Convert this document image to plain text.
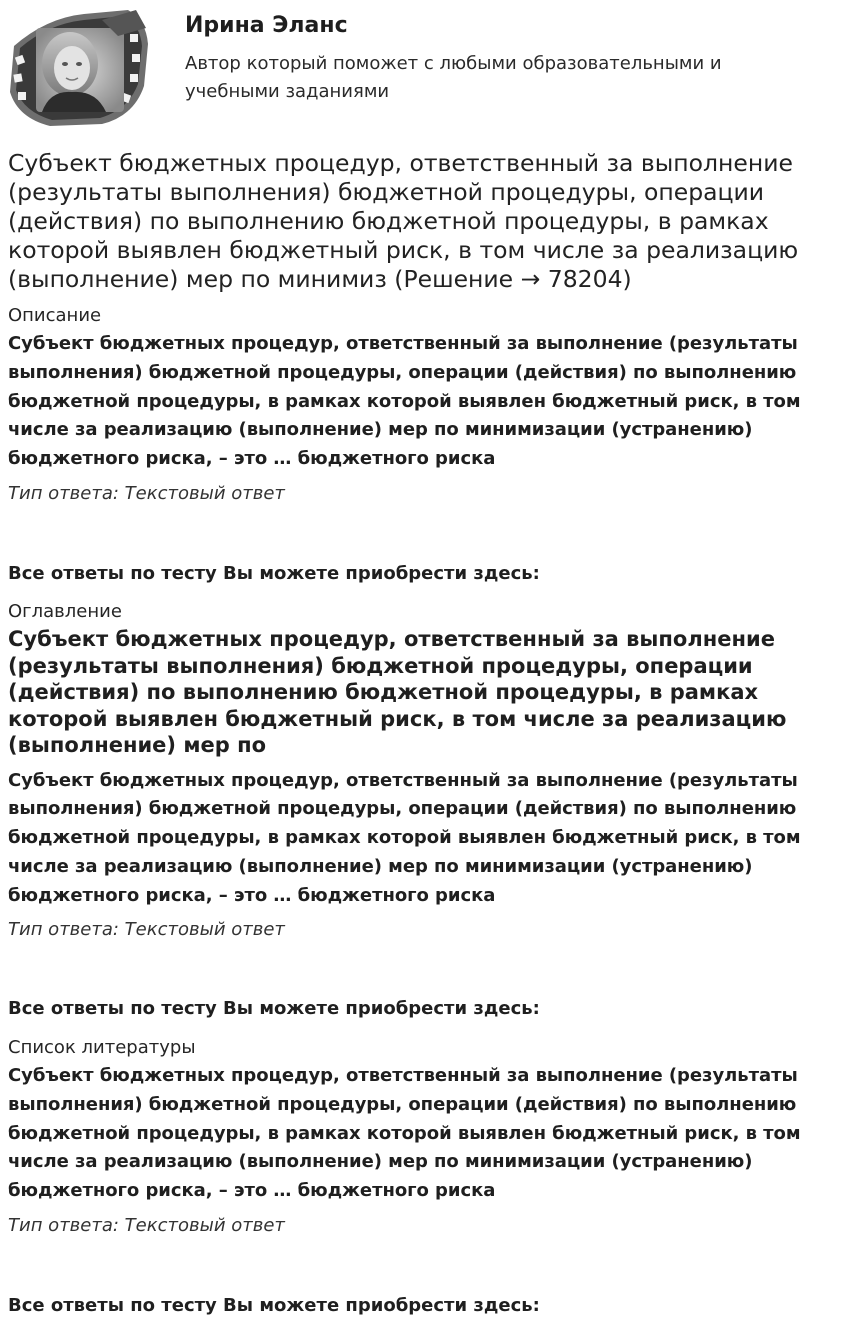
Ирина Эланс
Автор который поможет с любыми образовательными и учебными заданиями
Субъект бюджетных процедур, ответственный за выполнение (результаты выполнения) бюджетной процедуры, операции (действия) по выполнению бюджетной процедуры, в рамках которой выявлен бюджетный риск, в том числе за реализацию (выполнение) мер по минимиз (Решение → 78204)

Описание

Субъект бюджетных процедур, ответственный за выполнение (результаты выполнения) бюджетной процедуры, операции (действия) по выполнению бюджетной процедуры, в рамках которой выявлен бюджетный риск, в том числе за реализацию (выполнение) мер по минимизации (устранению) бюджетного риска, – это … бюджетного риска

Тип ответа: Текстовый ответ

Все ответы по тесту Вы можете приобрести здесь:

Оглавление

Субъект бюджетных процедур, ответственный за выполнение (результаты выполнения) бюджетной процедуры, операции (действия) по выполнению бюджетной процедуры, в рамках которой выявлен бюджетный риск, в том числе за реализацию (выполнение) мер по

Субъект бюджетных процедур, ответственный за выполнение (результаты выполнения) бюджетной процедуры, операции (действия) по выполнению бюджетной процедуры, в рамках которой выявлен бюджетный риск, в том числе за реализацию (выполнение) мер по минимизации (устранению) бюджетного риска, – это … бюджетного риска

Тип ответа: Текстовый ответ

Все ответы по тесту Вы можете приобрести здесь:

Список литературы

Субъект бюджетных процедур, ответственный за выполнение (результаты выполнения) бюджетной процедуры, операции (действия) по выполнению бюджетной процедуры, в рамках которой выявлен бюджетный риск, в том числе за реализацию (выполнение) мер по минимизации (устранению) бюджетного риска, – это … бюджетного риска

Тип ответа: Текстовый ответ

Все ответы по тесту Вы можете приобрести здесь:
